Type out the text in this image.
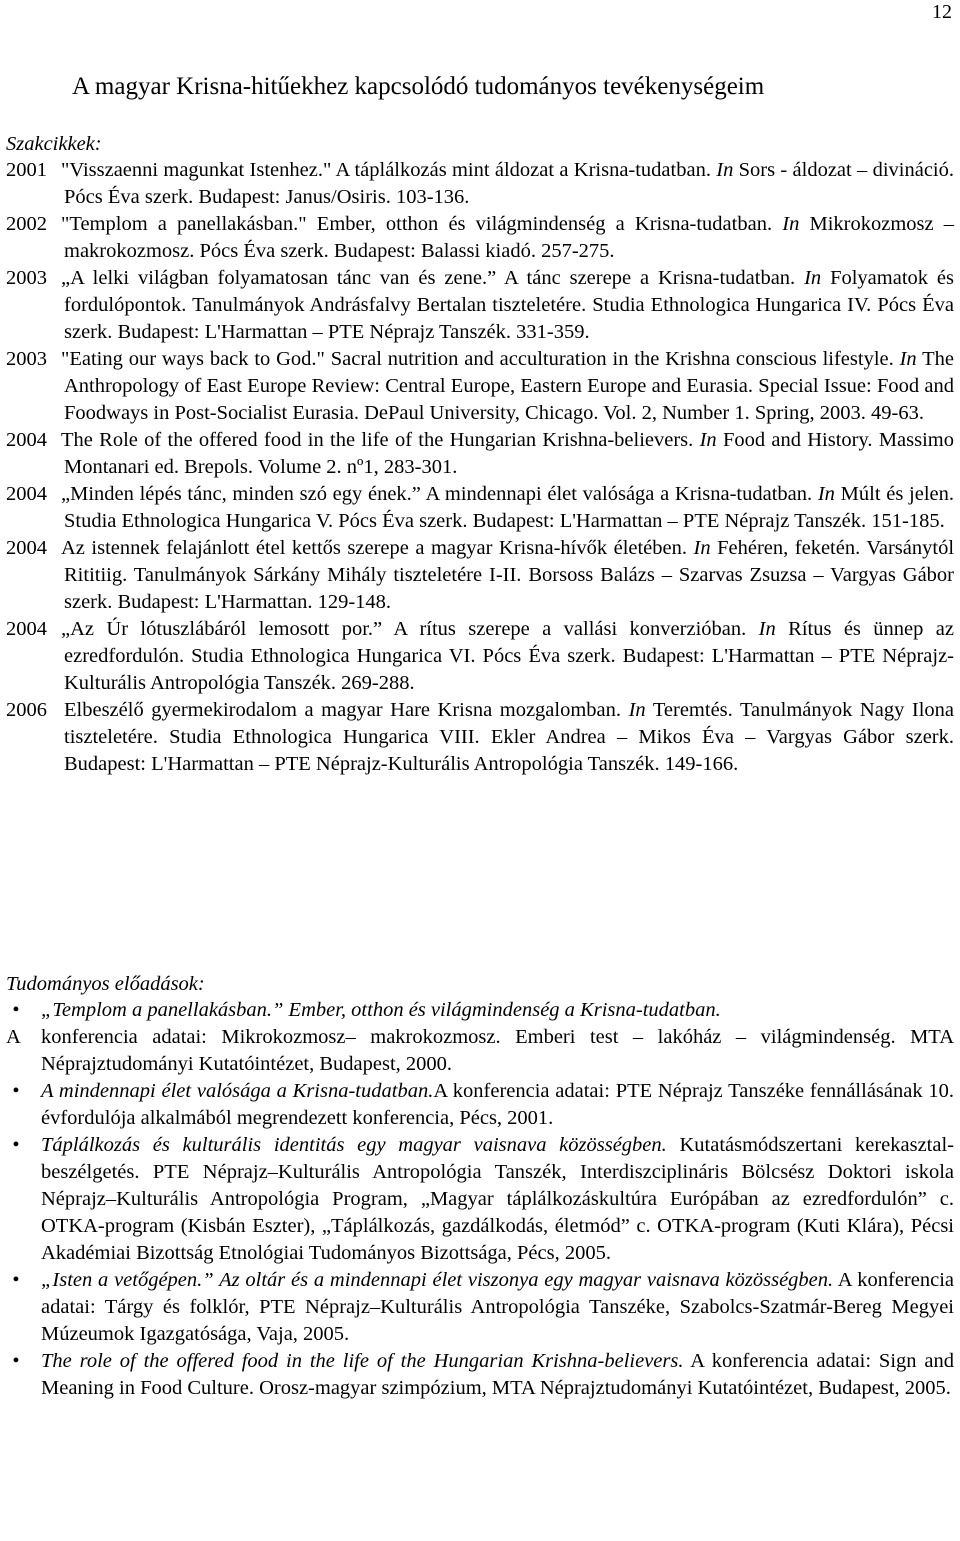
12
A magyar Krisna-hitűekhez kapcsolódó tudományos tevékenységeim
Szakcikkek:
2001 "Visszaenni magunkat Istenhez." A táplálkozás mint áldozat a Krisna-tudatban. In Sors - áldozat – divináció. Pócs Éva szerk. Budapest: Janus/Osiris. 103-136.
2002 "Templom a panellakásban." Ember, otthon és világmindenség a Krisna-tudatban. In Mikrokozmosz – makrokozmosz. Pócs Éva szerk. Budapest: Balassi kiadó. 257-275.
2003 „A lelki világban folyamatosan tánc van és zene.” A tánc szerepe a Krisna-tudatban. In Folyamatok és fordulópontok. Tanulmányok Andrásfalvy Bertalan tiszteletére. Studia Ethnologica Hungarica IV. Pócs Éva szerk. Budapest: L'Harmattan – PTE Néprajz Tanszék. 331-359.
2003 "Eating our ways back to God." Sacral nutrition and acculturation in the Krishna conscious lifestyle. In The Anthropology of East Europe Review: Central Europe, Eastern Europe and Eurasia. Special Issue: Food and Foodways in Post-Socialist Eurasia. DePaul University, Chicago. Vol. 2, Number 1. Spring, 2003. 49-63.
2004 The Role of the offered food in the life of the Hungarian Krishna-believers. In Food and History. Massimo Montanari ed. Brepols. Volume 2. nº1, 283-301.
2004 „Minden lépés tánc, minden szó egy ének.” A mindennapi élet valósága a Krisna-tudatban. In Múlt és jelen. Studia Ethnologica Hungarica V. Pócs Éva szerk. Budapest: L'Harmattan – PTE Néprajz Tanszék. 151-185.
2004 Az istennek felajánlott étel kettős szerepe a magyar Krisna-hívők életében. In Fehéren, feketén. Varsánytól Rititiig. Tanulmányok Sárkány Mihály tiszteletére I-II. Borsoss Balázs – Szarvas Zsuzsa – Vargyas Gábor szerk. Budapest: L'Harmattan. 129-148.
2004 „Az Úr lótuszlábáról lemosott por.” A rítus szerepe a vallási konverzióban. In Rítus és ünnep az ezredfordulón. Studia Ethnologica Hungarica VI. Pócs Éva szerk. Budapest: L'Harmattan – PTE Néprajz-Kulturális Antropológia Tanszék. 269-288.
2006 Elbeszélő gyermekirodalom a magyar Hare Krisna mozgalomban. In Teremtés. Tanulmányok Nagy Ilona tiszteletére. Studia Ethnologica Hungarica VIII. Ekler Andrea – Mikos Éva – Vargyas Gábor szerk. Budapest: L'Harmattan – PTE Néprajz-Kulturális Antropológia Tanszék. 149-166.
Tudományos előadások:
•	„Templom a panellakásban.” Ember, otthon és világmindenség a Krisna-tudatban.
A konferencia adatai: Mikrokozmosz– makrokozmosz. Emberi test – lakóház – világmindenség. MTA Néprajztudományi Kutatóintézet, Budapest, 2000.
•	A mindennapi élet valósága a Krisna-tudatban.A konferencia adatai: PTE Néprajz Tanszéke fennállásának 10. évfordulója alkalmából megrendezett konferencia, Pécs, 2001.
•	Táplálkozás és kulturális identitás egy magyar vaisnava közösségben. Kutatásmódszertani kerekasztal-beszélgetés. PTE Néprajz–Kulturális Antropológia Tanszék, Interdiszciplináris Bölcsész Doktori iskola Néprajz–Kulturális Antropológia Program, „Magyar táplálkozáskultúra Európában az ezredfordulón” c. OTKA-program (Kisbán Eszter), „Táplálkozás, gazdálkodás, életmód” c. OTKA-program (Kuti Klára), Pécsi Akadémiai Bizottság Etnológiai Tudományos Bizottsága, Pécs, 2005.
•	„Isten a vetőgépen.” Az oltár és a mindennapi élet viszonya egy magyar vaisnava közösségben. A konferencia adatai: Tárgy és folklór, PTE Néprajz–Kulturális Antropológia Tanszéke, Szabolcs-Szatmár-Bereg Megyei Múzeumok Igazgatósága, Vaja, 2005.
•	The role of the offered food in the life of the Hungarian Krishna-believers. A konferencia adatai: Sign and Meaning in Food Culture. Orosz-magyar szimpózium, MTA Néprajztudományi Kutatóintézet, Budapest, 2005.
